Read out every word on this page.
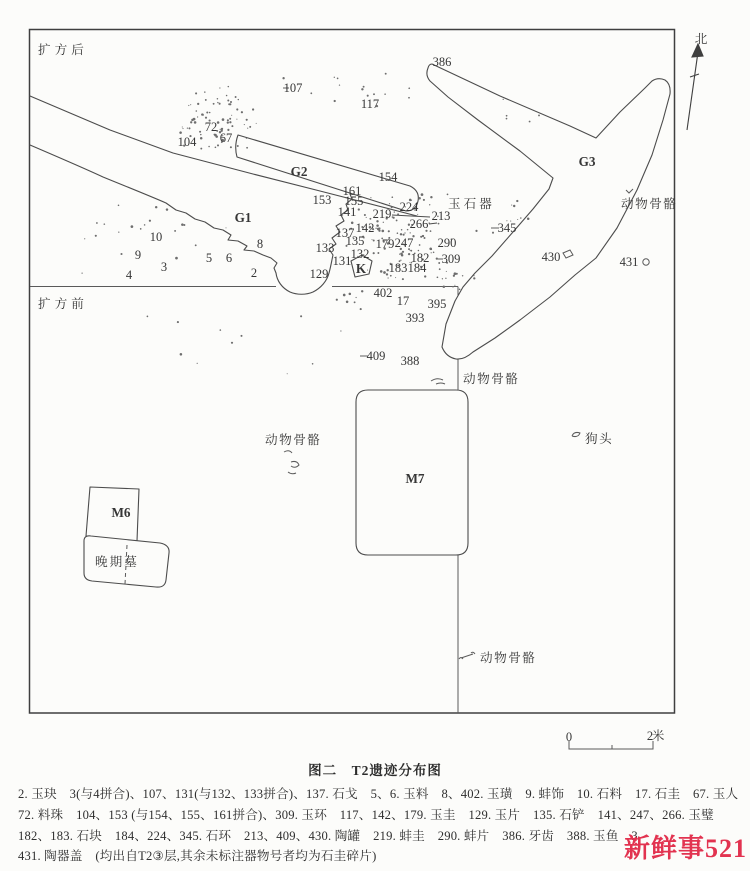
扩方后
扩方前
玉石器	动物骨骼
动物骨骼
动物骨骼	狗头
动物骨骼
晚期墓
北
米
G1
G2
G3
K
M6
M7
0	2
107
117
386
72
104 67
154
161
153 155
141 219 224
213
266	345
142
137
135
133	179 247 290
132
131	182 309
183 184
129
402
17 395
393
409 388
430	431
10
9
8
5 6
3	2
4
图二　T2遗迹分布图
2. 玉玦　3(与4拼合)、107、131(与132、133拼合)、137. 石戈　5、6. 玉料　8、402. 玉璜　9. 蚌饰　10. 石料　17. 石圭　67. 玉人
72. 料珠　104、153 (与154、155、161拼合)、309. 玉环　117、142、179. 玉圭　129. 玉片　135. 石铲　141、247、266. 玉璧
182、183. 石块　184、224、345. 石环　213、409、430. 陶罐　219. 蚌圭　290. 蚌片　386. 牙齿　388. 玉鱼　3
431. 陶器盖　(均出自T2③层,其余未标注器物号者均为石圭碎片)	新鲜事521
